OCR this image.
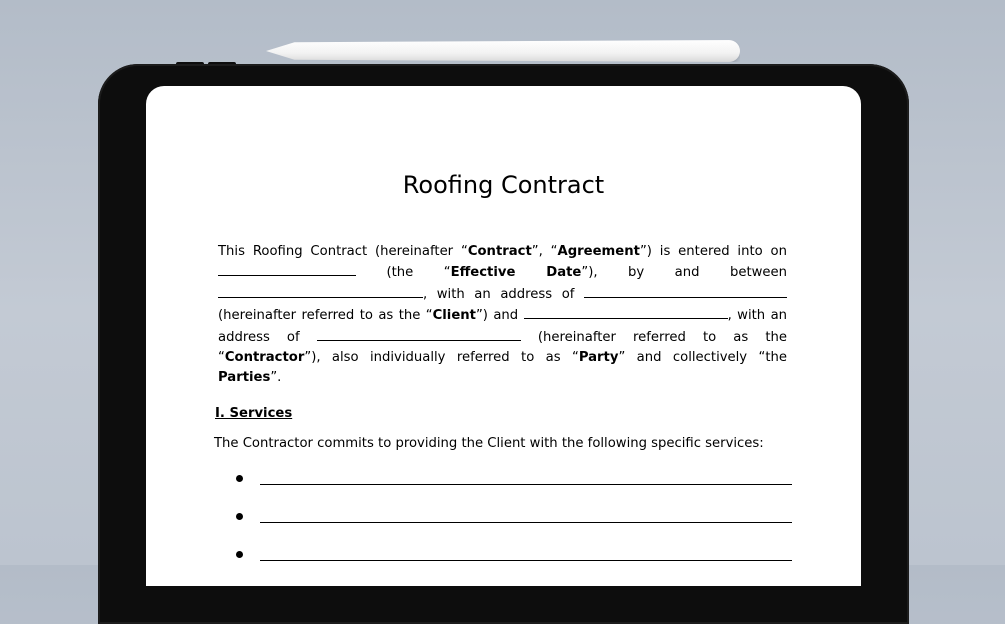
Roofing Contract
This Roofing Contract (hereinafter “Contract”, “Agreement”) is entered into on  (the “Effective Date”), by and between , with an address of  (hereinafter referred to as the “Client”) and	, with an address of	(hereinafter referred to as the “Contractor”), also individually referred to as “Party” and collectively “the Parties”.
I. Services
The Contractor commits to providing the Client with the following specific services:
